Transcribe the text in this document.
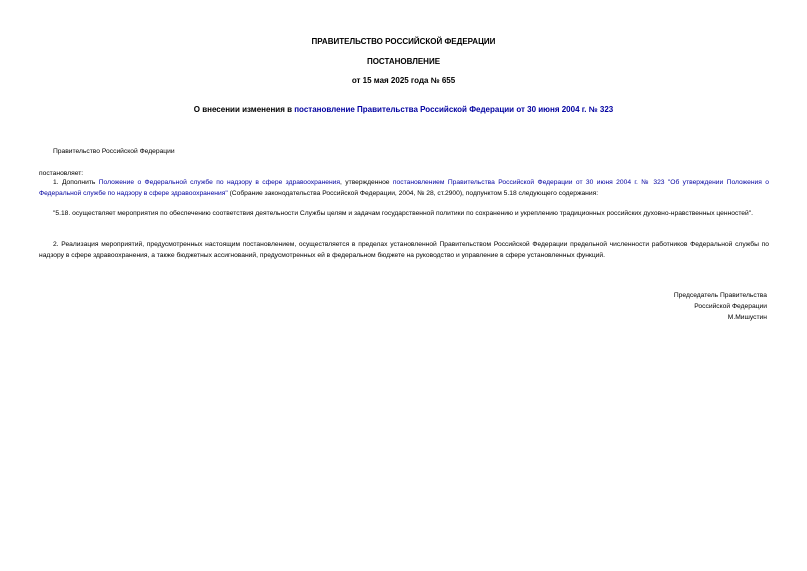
ПРАВИТЕЛЬСТВО РОССИЙСКОЙ ФЕДЕРАЦИИ
ПОСТАНОВЛЕНИЕ
от 15 мая 2025 года № 655
О внесении изменения в постановление Правительства Российской Федерации от 30 июня 2004 г. № 323
Правительство Российской Федерации
постановляет:
1. Дополнить Положение о Федеральной службе по надзору в сфере здравоохранения, утвержденное постановлением Правительства Российской Федерации от 30 июня 2004 г. № 323 "Об утверждении Положения о Федеральной службе по надзору в сфере здравоохранения" (Собрание законодательства Российской Федерации, 2004, № 28, ст.2900), подпунктом 5.18 следующего содержания:
"5.18. осуществляет мероприятия по обеспечению соответствия деятельности Службы целям и задачам государственной политики по сохранению и укреплению традиционных российских духовно-нравственных ценностей".
2. Реализация мероприятий, предусмотренных настоящим постановлением, осуществляется в пределах установленной Правительством Российской Федерации предельной численности работников Федеральной службы по надзору в сфере здравоохранения, а также бюджетных ассигнований, предусмотренных ей в федеральном бюджете на руководство и управление в сфере установленных функций.
Председатель Правительства
Российской Федерации
М.Мишустин
